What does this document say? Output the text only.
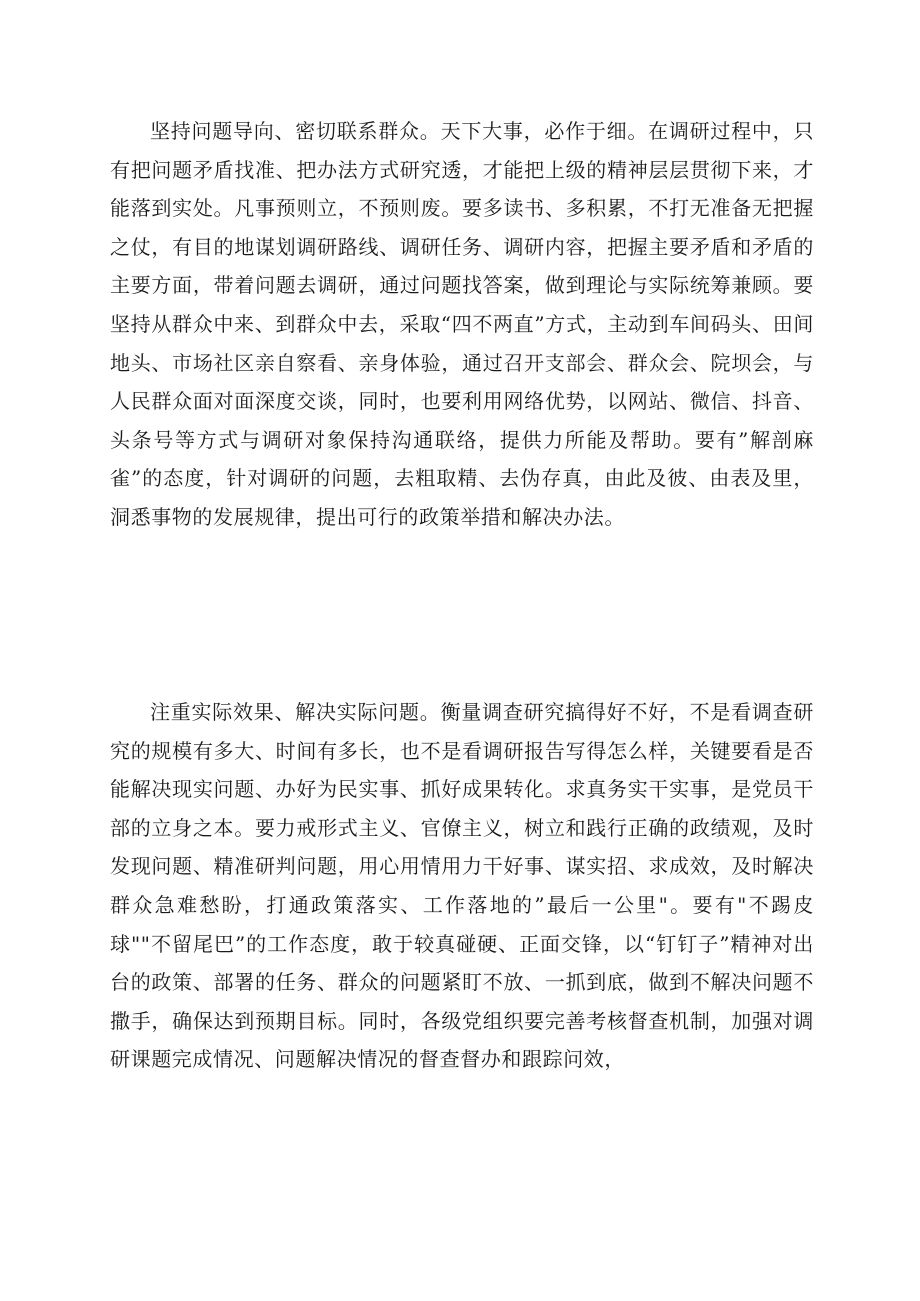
坚持问题导向、密切联系群众。天下大事，必作于细。在调研过程中，只有把问题矛盾找准、把办法方式研究透，才能把上级的精神层层贯彻下来，才能落到实处。凡事预则立，不预则废。要多读书、多积累，不打无准备无把握之仗，有目的地谋划调研路线、调研任务、调研内容，把握主要矛盾和矛盾的主要方面，带着问题去调研，通过问题找答案，做到理论与实际统筹兼顾。要坚持从群众中来、到群众中去，采取“四不两直”方式，主动到车间码头、田间地头、市场社区亲自察看、亲身体验，通过召开支部会、群众会、院坝会，与人民群众面对面深度交谈，同时，也要利用网络优势，以网站、微信、抖音、头条号等方式与调研对象保持沟通联络，提供力所能及帮助。要有”解剖麻雀”的态度，针对调研的问题，去粗取精、去伪存真，由此及彼、由表及里，洞悉事物的发展规律，提出可行的政策举措和解决办法。

注重实际效果、解决实际问题。衡量调查研究搞得好不好，不是看调查研究的规模有多大、时间有多长，也不是看调研报告写得怎么样，关键要看是否能解决现实问题、办好为民实事、抓好成果转化。求真务实干实事，是党员干部的立身之本。要力戒形式主义、官僚主义，树立和践行正确的政绩观，及时发现问题、精准研判问题，用心用情用力干好事、谋实招、求成效，及时解决群众急难愁盼，打通政策落实、工作落地的”最后一公里"。要有"不踢皮球""不留尾巴”的工作态度，敢于较真碰硬、正面交锋，以“钉钉子”精神对出台的政策、部署的任务、群众的问题紧盯不放、一抓到底，做到不解决问题不撒手，确保达到预期目标。同时，各级党组织要完善考核督查机制，加强对调研课题完成情况、问题解决情况的督查督办和跟踪问效，
